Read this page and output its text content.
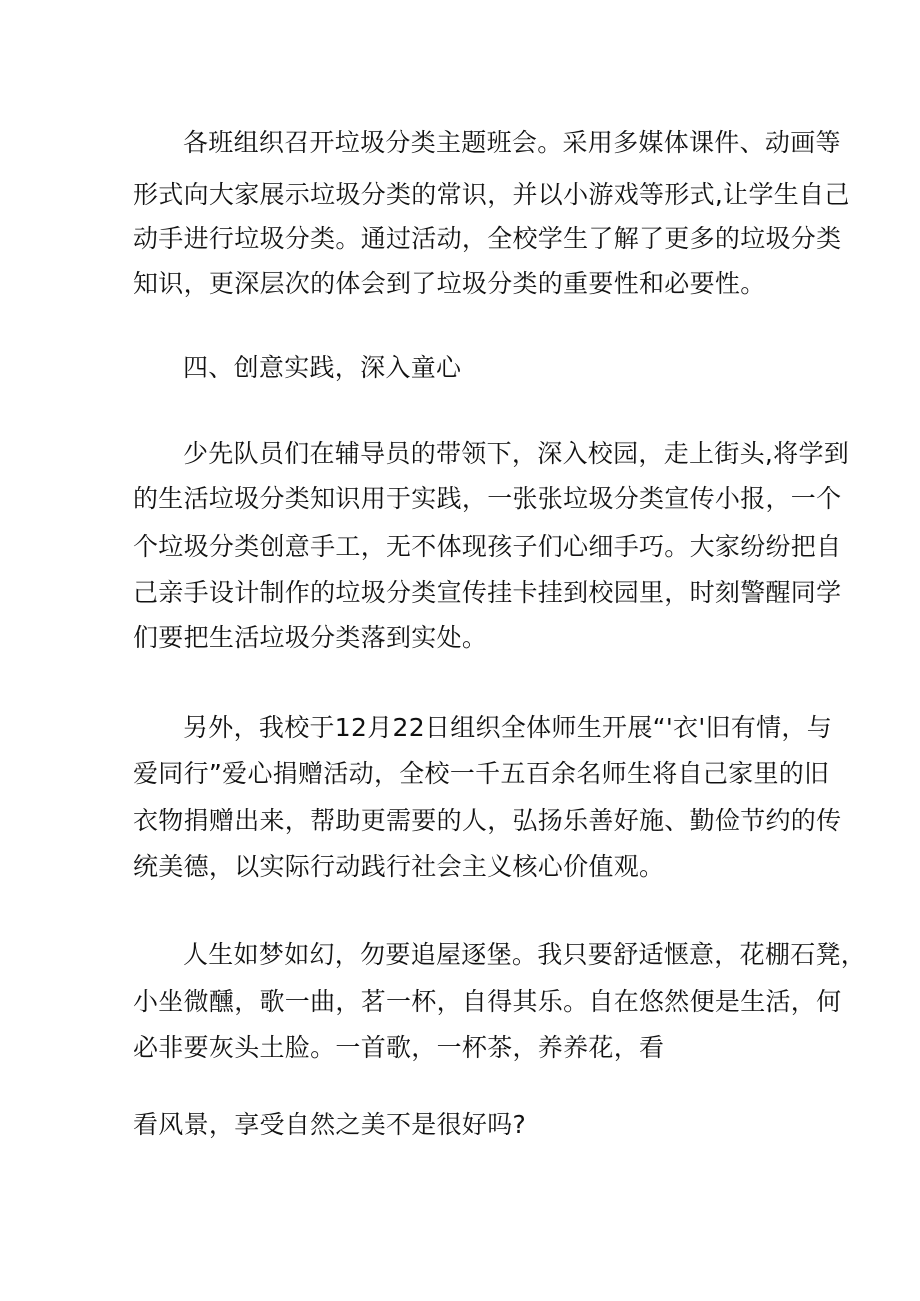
各班组织召开垃圾分类主题班会。采用多媒体课件、动画等
形式向大家展示垃圾分类的常识，并以小游戏等形式,让学生自己
动手进行垃圾分类。通过活动，全校学生了解了更多的垃圾分类
知识，更深层次的体会到了垃圾分类的重要性和必要性。
四、创意实践，深入童心
少先队员们在辅导员的带领下，深入校园，走上街头,将学到
的生活垃圾分类知识用于实践，一张张垃圾分类宣传小报，一个
个垃圾分类创意手工，无不体现孩子们心细手巧。大家纷纷把自
己亲手设计制作的垃圾分类宣传挂卡挂到校园里，时刻警醒同学
们要把生活垃圾分类落到实处。
另外，我校于12月22日组织全体师生开展“'衣'旧有情，与
爱同行”爱心捐赠活动，全校一千五百余名师生将自己家里的旧
衣物捐赠出来，帮助更需要的人，弘扬乐善好施、勤俭节约的传
统美德，以实际行动践行社会主义核心价值观。
人生如梦如幻，勿要追屋逐堡。我只要舒适惬意，花棚石凳，
小坐微醺，歌一曲，茗一杯，自得其乐。自在悠然便是生活，何
必非要灰头土脸。一首歌，一杯茶，养养花，看
看风景，享受自然之美不是很好吗?
